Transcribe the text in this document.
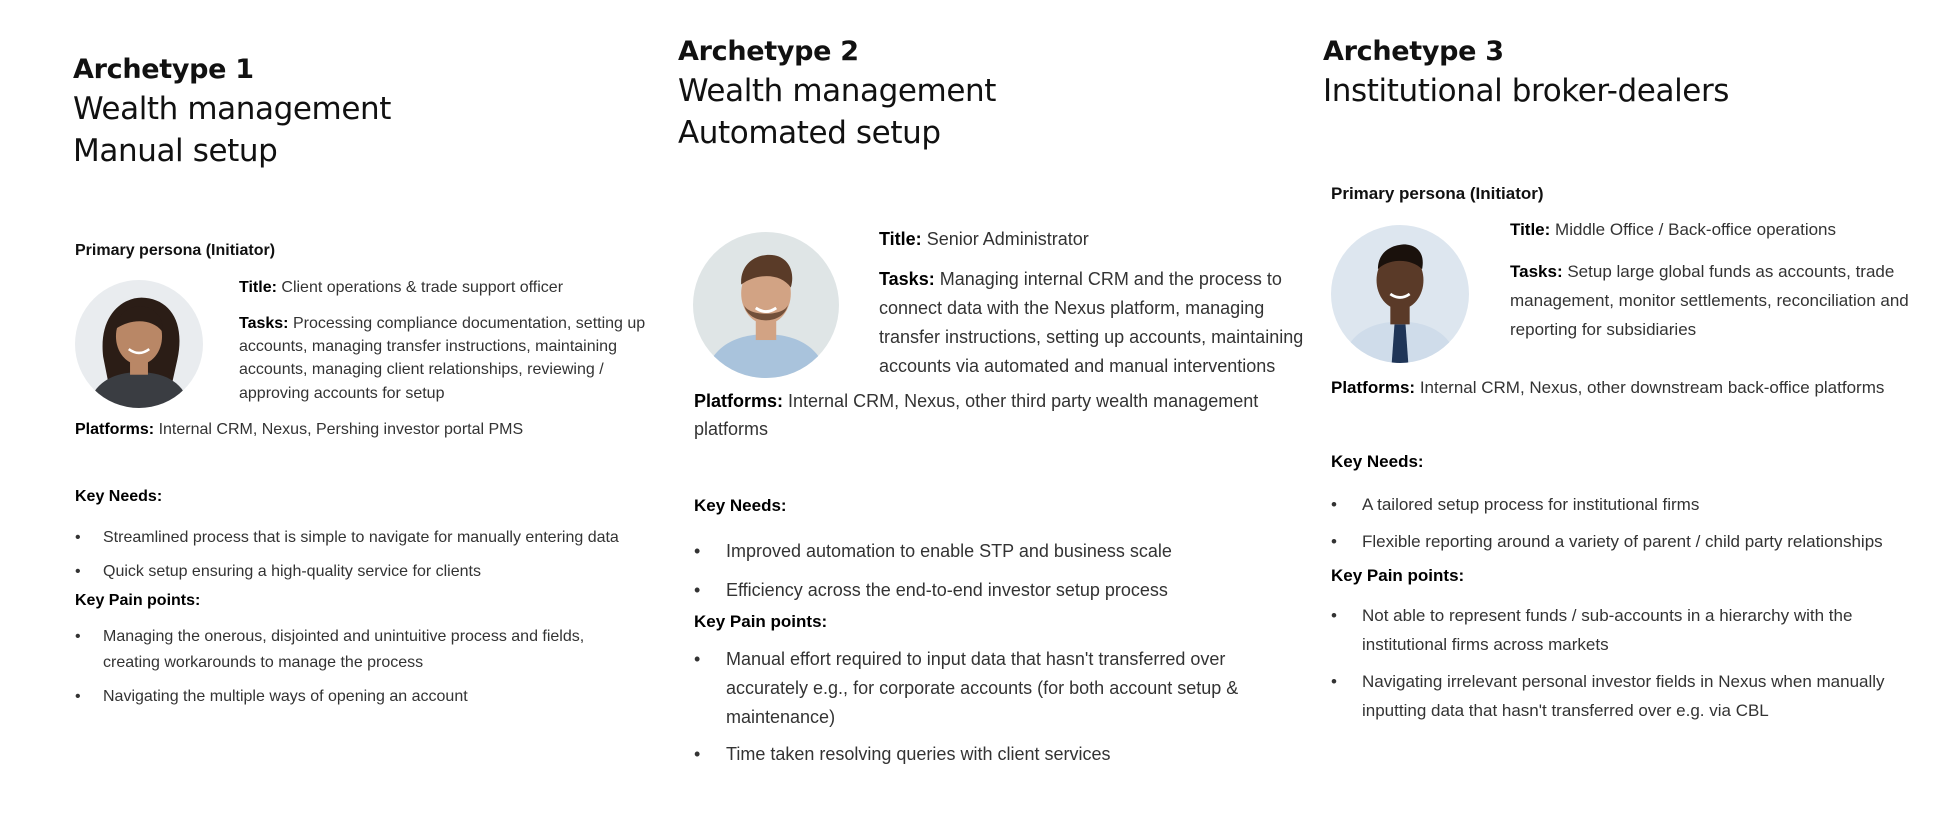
Archetype 1
Wealth management
Manual setup
Primary persona (Initiator)
Title: Client operations & trade support officer
Tasks: Processing compliance documentation, setting up accounts, managing transfer instructions, maintaining accounts, managing client relationships, reviewing / approving accounts for setup
Platforms: Internal CRM, Nexus, Pershing investor portal PMS
Key Needs:
• Streamlined process that is simple to navigate for manually entering data
• Quick setup ensuring a high-quality service for clients
Key Pain points:
• Managing the onerous, disjointed and unintuitive process and fields, creating workarounds to manage the process
• Navigating the multiple ways of opening an account
Archetype 2
Wealth management
Automated setup
Title: Senior Administrator
Tasks: Managing internal CRM and the process to connect data with the Nexus platform, managing transfer instructions, setting up accounts, maintaining accounts via automated and manual interventions
Platforms: Internal CRM, Nexus, other third party wealth management platforms
Key Needs:
• Improved automation to enable STP and business scale
• Efficiency across the end-to-end investor setup process
Key Pain points:
• Manual effort required to input data that hasn't transferred over accurately e.g., for corporate accounts (for both account setup & maintenance)
• Time taken resolving queries with client services
Archetype 3
Institutional broker-dealers
Primary persona (Initiator)
Title: Middle Office / Back-office operations
Tasks: Setup large global funds as accounts, trade management, monitor settlements, reconciliation and reporting for subsidiaries
Platforms: Internal CRM, Nexus, other downstream back-office platforms
Key Needs:
• A tailored setup process for institutional firms
• Flexible reporting around a variety of parent / child party relationships
Key Pain points:
• Not able to represent funds / sub-accounts in a hierarchy with the institutional firms across markets
• Navigating irrelevant personal investor fields in Nexus when manually inputting data that hasn't transferred over e.g. via CBL
